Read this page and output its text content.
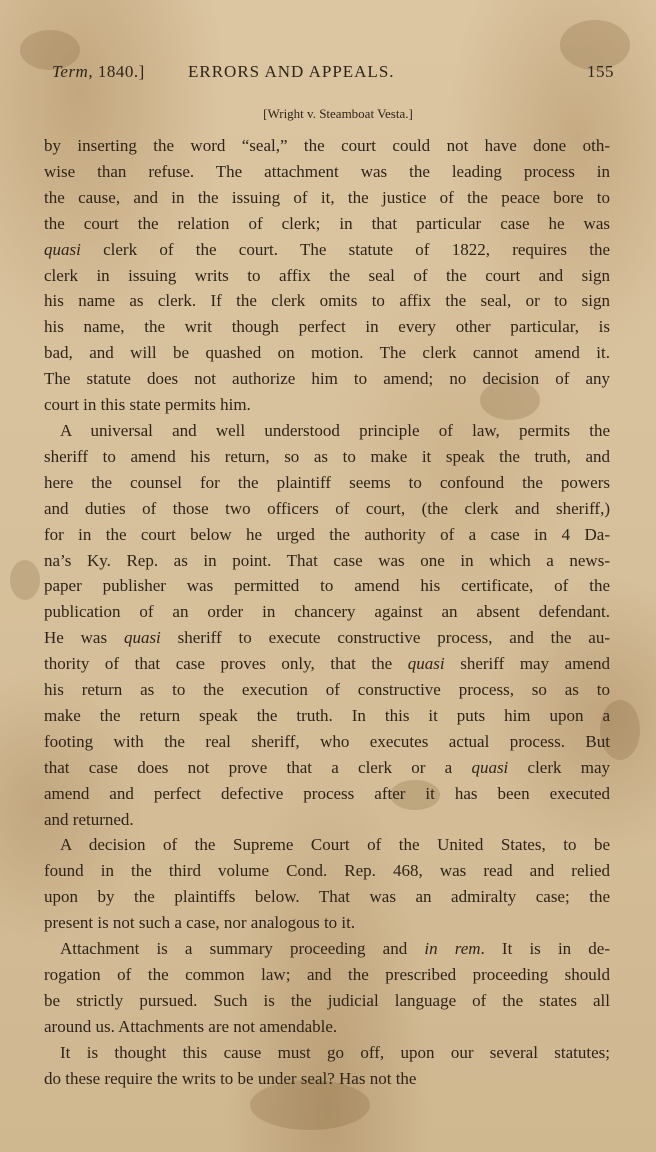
Term, 1840.]	ERRORS AND APPEALS.	155
[Wright v. Steamboat Vesta.]

by inserting the word “seal,” the court could not have done oth-
wise than refuse. The attachment was the leading process in
the cause, and in the issuing of it, the justice of the peace bore to
the court the relation of clerk; in that particular case he was
quasi clerk of the court. The statute of 1822, requires the
clerk in issuing writs to affix the seal of the court and sign
his name as clerk. If the clerk omits to affix the seal, or to sign
his name, the writ though perfect in every other particular, is
bad, and will be quashed on motion. The clerk cannot amend it.
The statute does not authorize him to amend; no decision of any
court in this state permits him.

A universal and well understood principle of law, permits the
sheriff to amend his return, so as to make it speak the truth, and
here the counsel for the plaintiff seems to confound the powers
and duties of those two officers of court, (the clerk and sheriff,)
for in the court below he urged the authority of a case in 4 Da-
na’s Ky. Rep. as in point. That case was one in which a news-
paper publisher was permitted to amend his certificate, of the
publication of an order in chancery against an absent defendant.
He was quasi sheriff to execute constructive process, and the au-
thority of that case proves only, that the quasi sheriff may amend
his return as to the execution of constructive process, so as to
make the return speak the truth. In this it puts him upon a
footing with the real sheriff, who executes actual process. But
that case does not prove that a clerk or a quasi clerk may
amend and perfect defective process after it has been executed
and returned.

A decision of the Supreme Court of the United States, to be
found in the third volume Cond. Rep. 468, was read and relied
upon by the plaintiffs below. That was an admiralty case; the
present is not such a case, nor analogous to it.

Attachment is a summary proceeding and in rem. It is in de-
rogation of the common law; and the prescribed proceeding should
be strictly pursued. Such is the judicial language of the states all
around us. Attachments are not amendable.

It is thought this cause must go off, upon our several statutes;
do these require the writs to be under seal? Has not the
